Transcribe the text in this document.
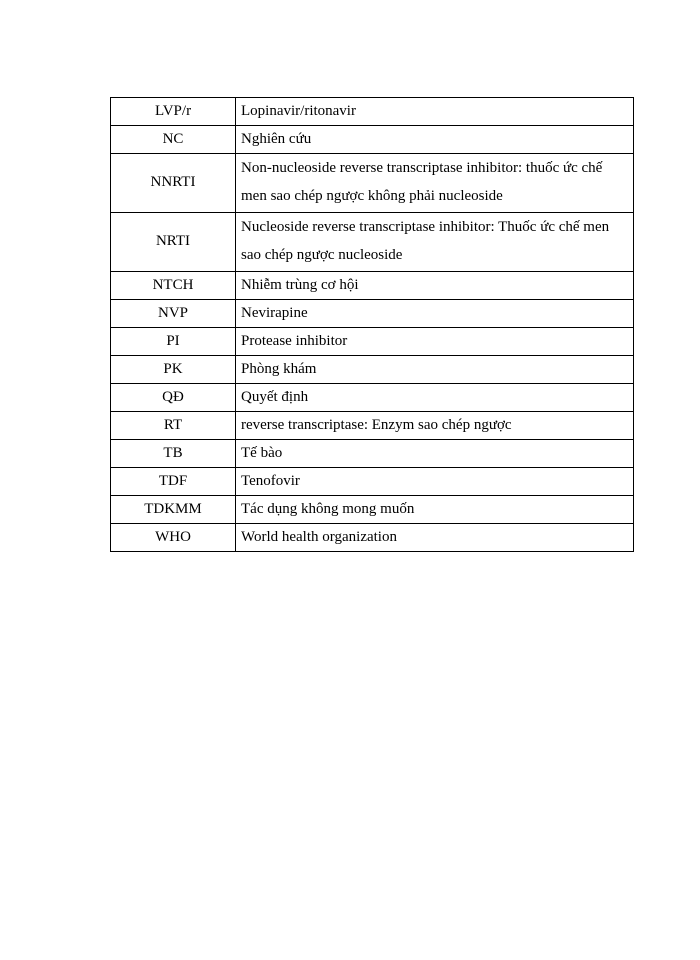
LVP/r	Lopinavir/ritonavir
NC	Nghiên cứu
NNRTI	Non-nucleoside reverse transcriptase inhibitor: thuốc ức chế men sao chép ngược không phải nucleoside
NRTI	Nucleoside reverse transcriptase inhibitor: Thuốc ức chế men sao chép ngược nucleoside
NTCH	Nhiễm trùng cơ hội
NVP	Nevirapine
PI	Protease inhibitor
PK	Phòng khám
QĐ	Quyết định
RT	reverse transcriptase: Enzym sao chép ngược
TB	Tế bào
TDF	Tenofovir
TDKMM	Tác dụng không mong muốn
WHO	World health organization
